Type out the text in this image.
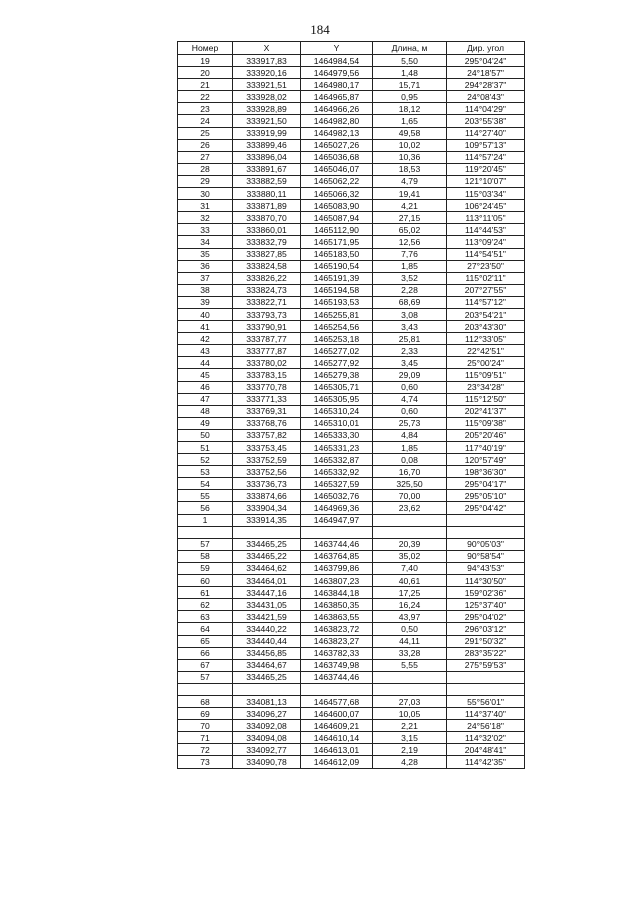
184
Номер	X	Y	Длина, м	Дир. угол
19	333917,83	1464984,54	5,50	295°04'24"
20	333920,16	1464979,56	1,48	24°18'57"
21	333921,51	1464980,17	15,71	294°28'37"
22	333928,02	1464965,87	0,95	24°08'43"
23	333928,89	1464966,26	18,12	114°04'29"
24	333921,50	1464982,80	1,65	203°55'38"
25	333919,99	1464982,13	49,58	114°27'40"
26	333899,46	1465027,26	10,02	109°57'13"
27	333896,04	1465036,68	10,36	114°57'24"
28	333891,67	1465046,07	18,53	119°20'45"
29	333882,59	1465062,22	4,79	121°10'07"
30	333880,11	1465066,32	19,41	115°03'34"
31	333871,89	1465083,90	4,21	106°24'45"
32	333870,70	1465087,94	27,15	113°11'05"
33	333860,01	1465112,90	65,02	114°44'53"
34	333832,79	1465171,95	12,56	113°09'24"
35	333827,85	1465183,50	7,76	114°54'51"
36	333824,58	1465190,54	1,85	27°23'50"
37	333826,22	1465191,39	3,52	115°02'11"
38	333824,73	1465194,58	2,28	207°27'55"
39	333822,71	1465193,53	68,69	114°57'12"
40	333793,73	1465255,81	3,08	203°54'21"
41	333790,91	1465254,56	3,43	203°43'30"
42	333787,77	1465253,18	25,81	112°33'05"
43	333777,87	1465277,02	2,33	22°42'51"
44	333780,02	1465277,92	3,45	25°00'24"
45	333783,15	1465279,38	29,09	115°09'51"
46	333770,78	1465305,71	0,60	23°34'28"
47	333771,33	1465305,95	4,74	115°12'50"
48	333769,31	1465310,24	0,60	202°41'37"
49	333768,76	1465310,01	25,73	115°09'38"
50	333757,82	1465333,30	4,84	205°20'46"
51	333753,45	1465331,23	1,85	117°40'19"
52	333752,59	1465332,87	0,08	120°57'49"
53	333752,56	1465332,92	16,70	198°36'30"
54	333736,73	1465327,59	325,50	295°04'17"
55	333874,66	1465032,76	70,00	295°05'10"
56	333904,34	1464969,36	23,62	295°04'42"
1	333914,35	1464947,97		

57	334465,25	1463744,46	20,39	90°05'03"
58	334465,22	1463764,85	35,02	90°58'54"
59	334464,62	1463799,86	7,40	94°43'53"
60	334464,01	1463807,23	40,61	114°30'50"
61	334447,16	1463844,18	17,25	159°02'36"
62	334431,05	1463850,35	16,24	125°37'40"
63	334421,59	1463863,55	43,97	295°04'02"
64	334440,22	1463823,72	0,50	296°03'12"
65	334440,44	1463823,27	44,11	291°50'32"
66	334456,85	1463782,33	33,28	283°35'22"
67	334464,67	1463749,98	5,55	275°59'53"
57	334465,25	1463744,46		

68	334081,13	1464577,68	27,03	55°56'01"
69	334096,27	1464600,07	10,05	114°37'40"
70	334092,08	1464609,21	2,21	24°56'18"
71	334094,08	1464610,14	3,15	114°32'02"
72	334092,77	1464613,01	2,19	204°48'41"
73	334090,78	1464612,09	4,28	114°42'35"
